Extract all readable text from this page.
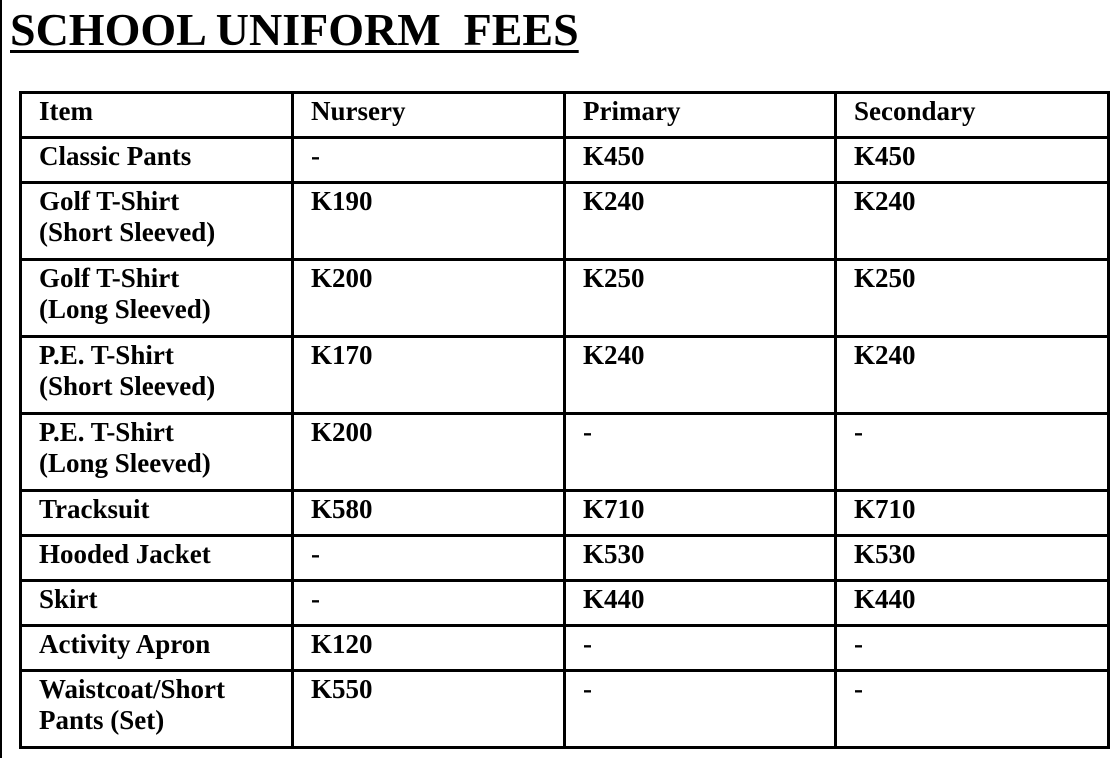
SCHOOL UNIFORM  FEES
Item	Nursery	Primary	Secondary
Classic Pants	-	K450	K450
Golf T-Shirt
(Short Sleeved)	K190	K240	K240
Golf T-Shirt
(Long Sleeved)	K200	K250	K250
P.E. T-Shirt
(Short Sleeved)	K170	K240	K240
P.E. T-Shirt
(Long Sleeved)	K200	-	-
Tracksuit	K580	K710	K710
Hooded Jacket	-	K530	K530
Skirt	-	K440	K440
Activity Apron	K120	-	-
Waistcoat/Short
Pants (Set)	K550	-	-
